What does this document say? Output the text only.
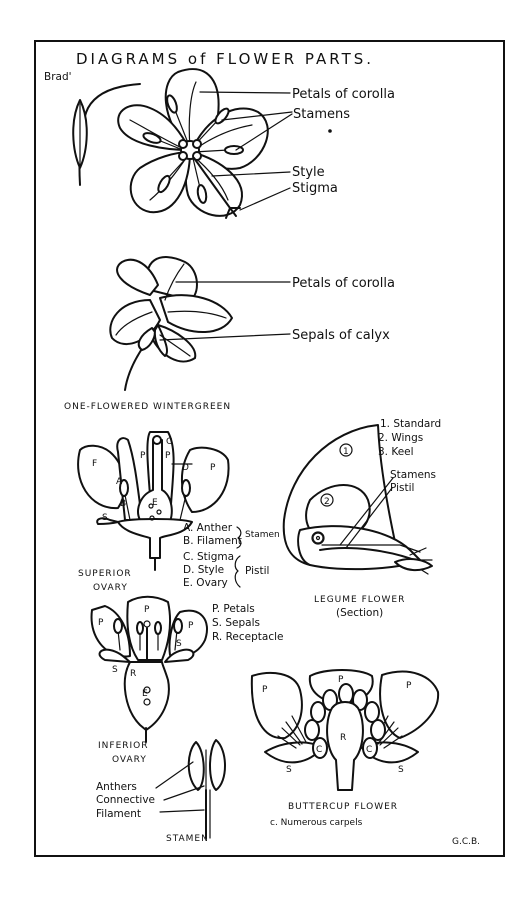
DIAGRAMS of FLOWER PARTS.
Brad'
Petals of corolla
Stamens
Style
Stigma
Petals of corolla
Sepals of calyx
ONE-FLOWERED WINTERGREEN
P P
P
F	D
C
B
A
E
S
A. Anther
B. Filament Stamen
C. Stigma
D. Style
E. Ovary
Pistil
SUPERIOR
OVARY
1
2
1. Standard
2. Wings
3. Keel
Stamens
Pistil
LEGUME FLOWER
(Section)
P
P
P
S
S
R
E
P. Petals
S. Sepals
R. Receptacle
INFERIOR
OVARY
Anthers
Connective
Filament
STAMEN
P
P
P
R
S	S
C	C
BUTTERCUP FLOWER
c. Numerous carpels
G.C.B.
